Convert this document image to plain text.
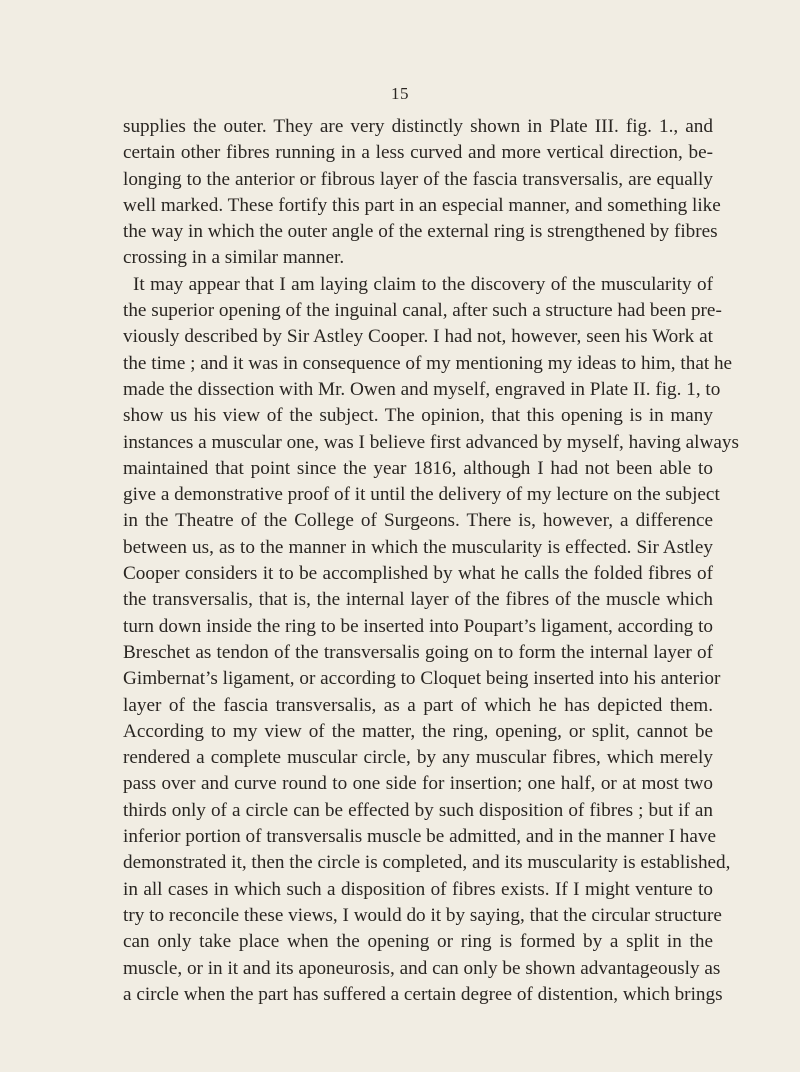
15
supplies the outer. They are very distinctly shown in Plate III. fig. 1., and
certain other fibres running in a less curved and more vertical direction, be-
longing to the anterior or fibrous layer of the fascia transversalis, are equally
well marked. These fortify this part in an especial manner, and something like
the way in which the outer angle of the external ring is strengthened by fibres
crossing in a similar manner.
It may appear that I am laying claim to the discovery of the muscularity of
the superior opening of the inguinal canal, after such a structure had been pre-
viously described by Sir Astley Cooper. I had not, however, seen his Work at
the time ; and it was in consequence of my mentioning my ideas to him, that he
made the dissection with Mr. Owen and myself, engraved in Plate II. fig. 1, to
show us his view of the subject. The opinion, that this opening is in many
instances a muscular one, was I believe first advanced by myself, having always
maintained that point since the year 1816, although I had not been able to
give a demonstrative proof of it until the delivery of my lecture on the subject
in the Theatre of the College of Surgeons. There is, however, a difference
between us, as to the manner in which the muscularity is effected. Sir Astley
Cooper considers it to be accomplished by what he calls the folded fibres of
the transversalis, that is, the internal layer of the fibres of the muscle which
turn down inside the ring to be inserted into Poupart’s ligament, according to
Breschet as tendon of the transversalis going on to form the internal layer of
Gimbernat’s ligament, or according to Cloquet being inserted into his anterior
layer of the fascia transversalis, as a part of which he has depicted them.
According to my view of the matter, the ring, opening, or split, cannot be
rendered a complete muscular circle, by any muscular fibres, which merely
pass over and curve round to one side for insertion; one half, or at most two
thirds only of a circle can be effected by such disposition of fibres ; but if an
inferior portion of transversalis muscle be admitted, and in the manner I have
demonstrated it, then the circle is completed, and its muscularity is established,
in all cases in which such a disposition of fibres exists. If I might venture to
try to reconcile these views, I would do it by saying, that the circular structure
can only take place when the opening or ring is formed by a split in the
muscle, or in it and its aponeurosis, and can only be shown advantageously as
a circle when the part has suffered a certain degree of distention, which brings
